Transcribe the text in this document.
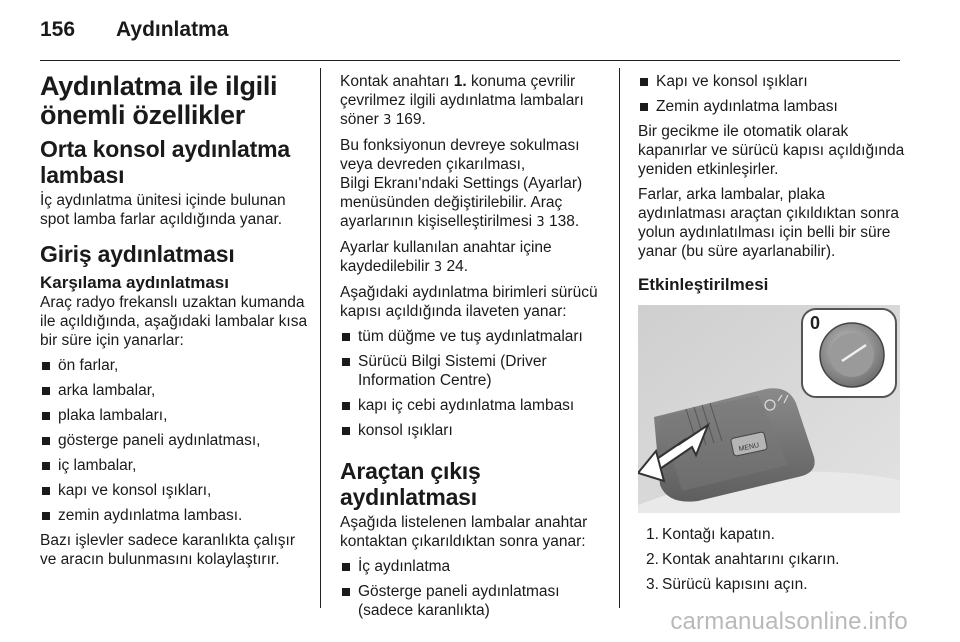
156 Aydınlatma
Aydınlatma ile ilgili önemli özellikler
Orta konsol aydınlatma lambası

İç aydınlatma ünitesi içinde bulunan spot lamba farlar açıldığında yanar.

Giriş aydınlatması
Karşılama aydınlatması

Araç radyo frekanslı uzaktan kumanda ile açıldığında, aşağıdaki lambalar kısa bir süre için yanarlar:

ön farlar,
arka lambalar,
plaka lambaları,
gösterge paneli aydınlatması,
iç lambalar,
kapı ve konsol ışıkları,
zemin aydınlatma lambası.

Bazı işlevler sadece karanlıkta çalışır ve aracın bulunmasını kolaylaştırır.

Kontak anahtarı 1. konuma çevrilir çevrilmez ilgili aydınlatma lambaları söner 3 169.

Bu fonksiyonun devreye sokulması veya devreden çıkarılması,

Bilgi Ekranı'ndaki Settings (Ayarlar) menüsünden değiştirilebilir. Araç ayarlarının kişiselleştirilmesi 3 138.

Ayarlar kullanılan anahtar içine kaydedilebilir 3 24.

Aşağıdaki aydınlatma birimleri sürücü kapısı açıldığında ilaveten yanar:

tüm düğme ve tuş aydınlatmaları
Sürücü Bilgi Sistemi (Driver Information Centre)
kapı iç cebi aydınlatma lambası
konsol ışıkları
Araçtan çıkış aydınlatması

Aşağıda listelenen lambalar anahtar kontaktan çıkarıldıktan sonra yanar:

İç aydınlatma
Gösterge paneli aydınlatması (sadece karanlıkta)
Kapı ve konsol ışıkları
Zemin aydınlatma lambası

Bir gecikme ile otomatik olarak kapanırlar ve sürücü kapısı açıldığında yeniden etkinleşirler.

Farlar, arka lambalar, plaka aydınlatması araçtan çıkıldıktan sonra yolun aydınlatılması için belli bir süre yanar (bu süre ayarlanabilir).

Etkinleştirilmesi
0
MENU
1. Kontağı kapatın.
2. Kontak anahtarını çıkarın.
3. Sürücü kapısını açın.
carmanualsonline.info
